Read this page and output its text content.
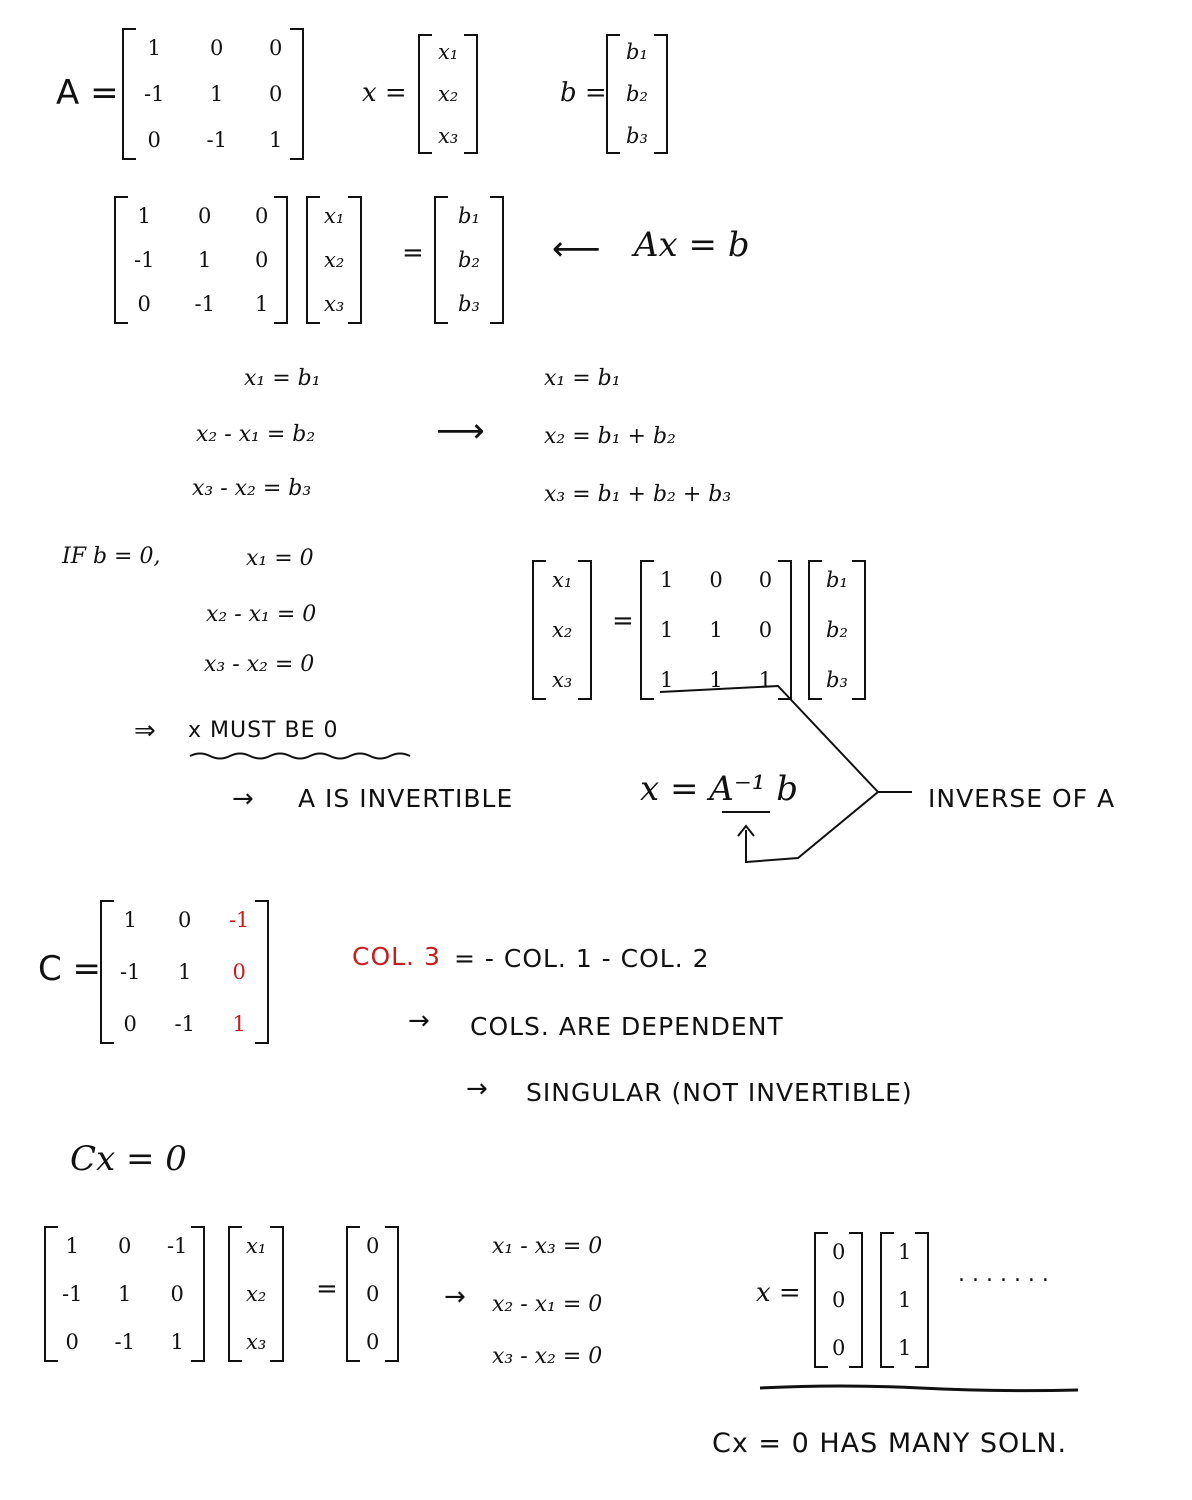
A =
1 0 0
-1 1 0
0 -1 1
x =
x₁
x₂
x₃
b =
b₁
b₂
b₃
1 0 0
-1 1 0
0 -1 1
x₁
x₂
x₃
=
b₁
b₂
b₃
⟵ Ax = b
x₁ = b₁
x₂ - x₁ = b₂
x₃ - x₂ = b₃
⟶
x₁ = b₁
x₂ = b₁ + b₂
x₃ = b₁ + b₂ + b₃
IF b = 0,	x₁ = 0
x₂ - x₁ = 0
x₃ - x₂ = 0
⇒ x MUST BE 0
→ A IS INVERTIBLE
x₁
x₂
x₃
=
1 0 0
1 1 0
1 1 1
b₁
b₂
b₃
x = A⁻¹ b	INVERSE OF A
C =
1 0 -1
-1 1 0
0 -1 1
COL. 3 = - COL. 1 - COL. 2
→ COLS. ARE DEPENDENT
→ SINGULAR (NOT INVERTIBLE)
Cx = 0
1 0 -1
-1 1 0
0 -1 1
x₁
x₂
x₃
=
0
0
0
→
x₁ - x₃ = 0
x₂ - x₁ = 0
x₃ - x₂ = 0
x =
0
0
0
1
1
1
. . . . . . .
Cx = 0 HAS MANY SOLN.
